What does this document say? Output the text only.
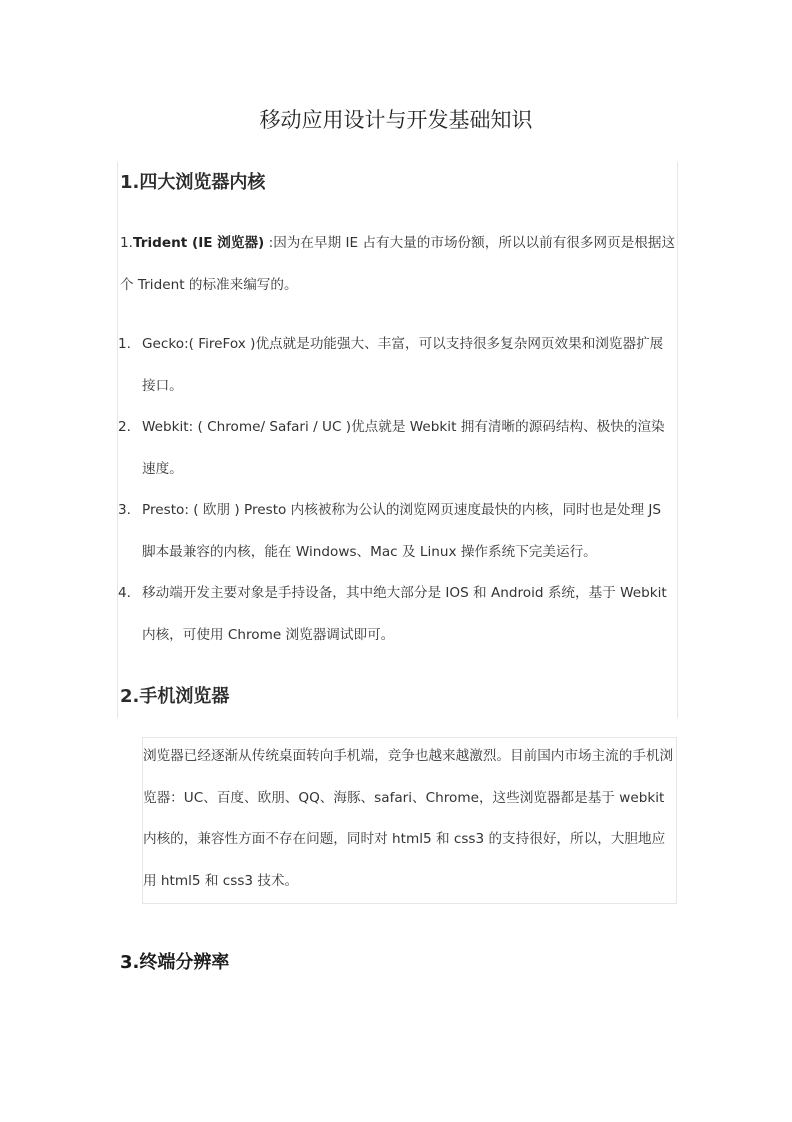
移动应用设计与开发基础知识
1.四大浏览器内核

1.Trident (IE 浏览器) :因为在早期 IE 占有大量的市场份额，所以以前有很多网页是根据这个 Trident 的标准来编写的。

1. Gecko:( FireFox )优点就是功能强大、丰富，可以支持很多复杂网页效果和浏览器扩展接口。
2. Webkit: ( Chrome/ Safari / UC )优点就是 Webkit 拥有清晰的源码结构、极快的渲染速度。
3. Presto: ( 欧朋 ) Presto 内核被称为公认的浏览网页速度最快的内核，同时也是处理 JS 脚本最兼容的内核，能在 Windows、Mac 及 Linux 操作系统下完美运行。
4. 移动端开发主要对象是手持设备，其中绝大部分是 IOS 和 Android 系统，基于 Webkit 内核，可使用 Chrome 浏览器调试即可。
2.手机浏览器

浏览器已经逐渐从传统桌面转向手机端，竞争也越来越激烈。目前国内市场主流的手机浏览器：UC、百度、欧朋、QQ、海豚、safari、Chrome，这些浏览器都是基于 webkit 内核的，兼容性方面不存在问题，同时对 html5 和 css3 的支持很好，所以，大胆地应用 html5 和 css3 技术。

3.终端分辨率
